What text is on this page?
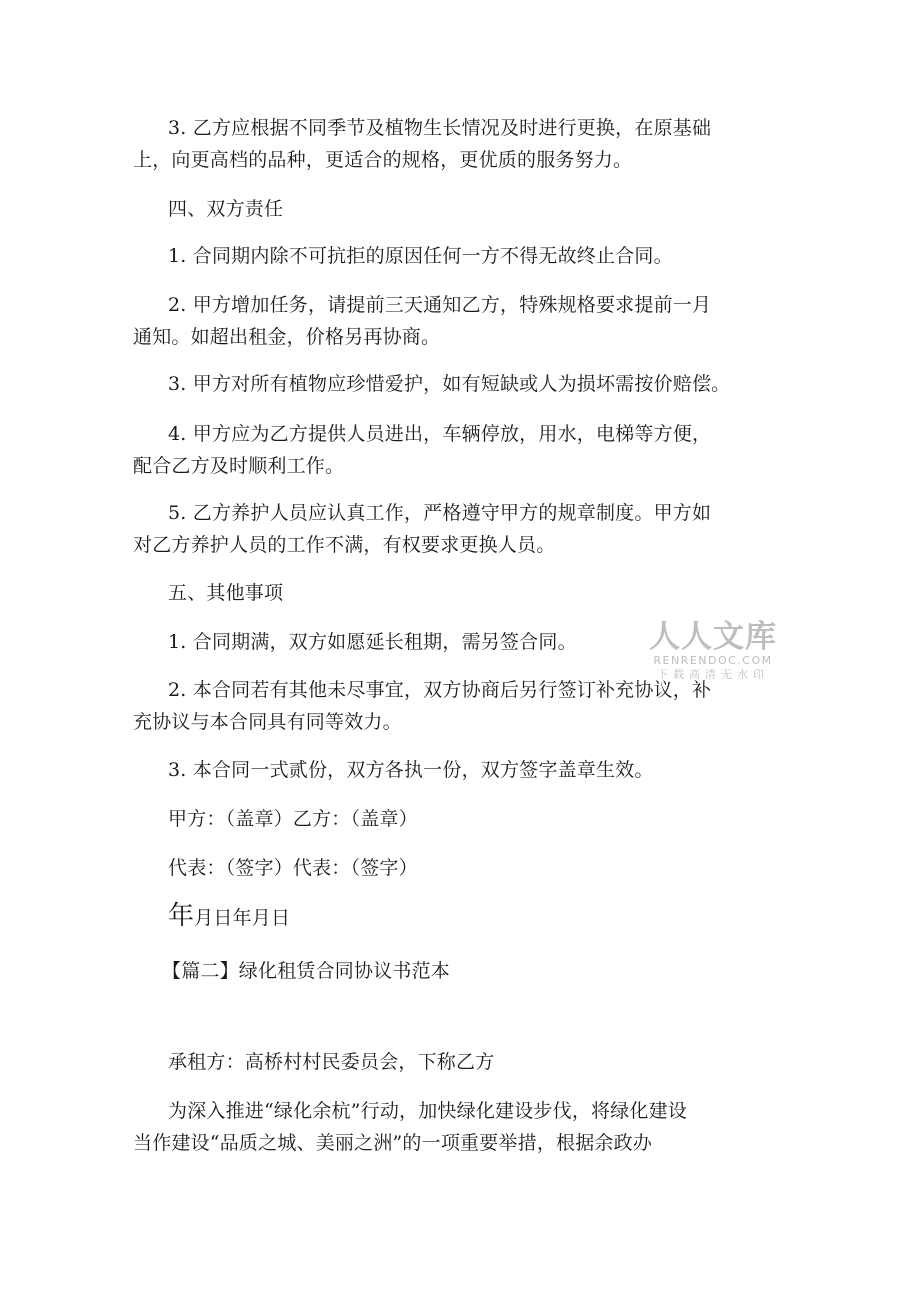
3. 乙方应根据不同季节及植物生长情况及时进行更换，在原基础
上，向更高档的品种，更适合的规格，更优质的服务努力。
四、双方责任
1. 合同期内除不可抗拒的原因任何一方不得无故终止合同。
2. 甲方增加任务，请提前三天通知乙方，特殊规格要求提前一月
通知。如超出租金，价格另再协商。
3. 甲方对所有植物应珍惜爱护，如有短缺或人为损坏需按价赔偿。
4. 甲方应为乙方提供人员进出，车辆停放，用水，电梯等方便，
配合乙方及时顺利工作。
5. 乙方养护人员应认真工作，严格遵守甲方的规章制度。甲方如
对乙方养护人员的工作不满，有权要求更换人员。
五、其他事项
1. 合同期满，双方如愿延长租期，需另签合同。
2. 本合同若有其他未尽事宜，双方协商后另行签订补充协议，补
充协议与本合同具有同等效力。
3. 本合同一式贰份，双方各执一份，双方签字盖章生效。
甲方：（盖章）乙方：（盖章）
代表：（签字）代表：（签字）
年月日年月日
【篇二】绿化租赁合同协议书范本
承租方：高桥村村民委员会，下称乙方
为深入推进“绿化余杭”行动，加快绿化建设步伐，将绿化建设
当作建设“品质之城、美丽之洲”的一项重要举措，根据余政办
人人文库
RENRENDOC.COM
下载高清无水印
